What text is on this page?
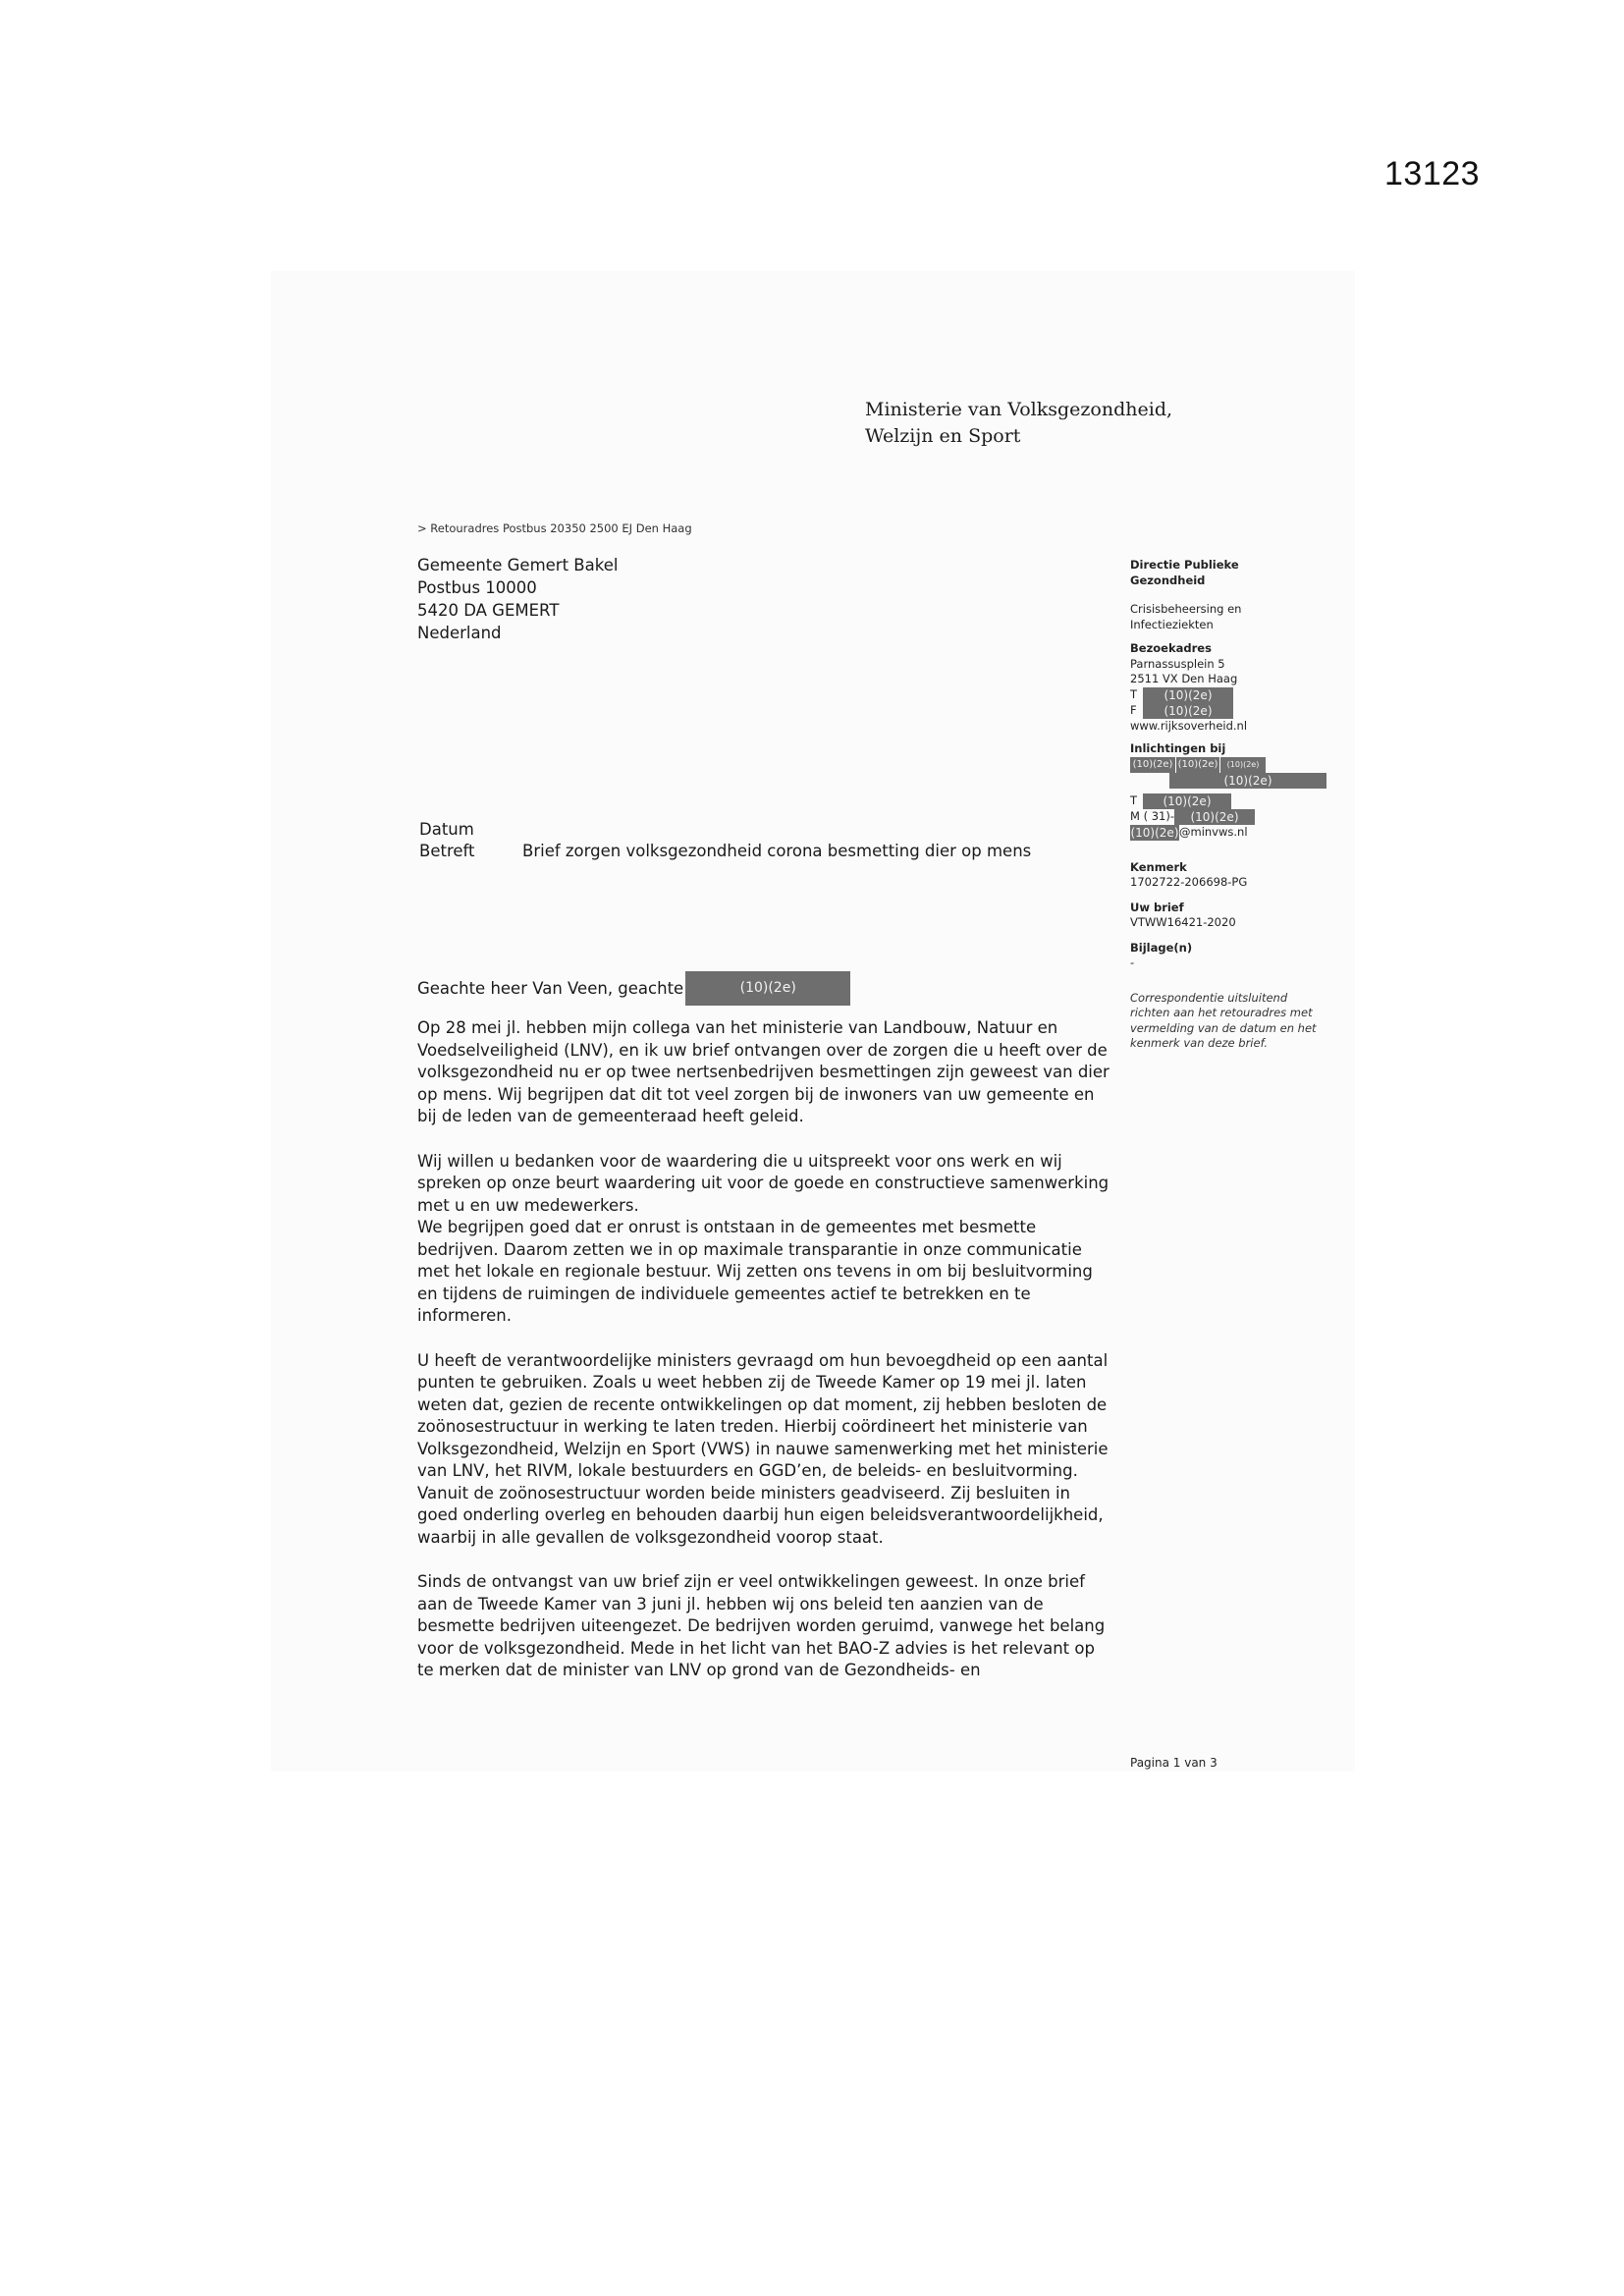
13123
Ministerie van Volksgezondheid,
Welzijn en Sport
> Retouradres Postbus 20350 2500 EJ Den Haag
Gemeente Gemert Bakel
Postbus 10000
5420 DA GEMERT
Nederland
Datum
Betreft	Brief zorgen volksgezondheid corona besmetting dier op mens
Geachte heer Van Veen, geachte	(10)(2e)

Op 28 mei jl. hebben mijn collega van het ministerie van Landbouw, Natuur en Voedselveiligheid (LNV), en ik uw brief ontvangen over de zorgen die u heeft over de volksgezondheid nu er op twee nertsenbedrijven besmettingen zijn geweest van dier op mens. Wij begrijpen dat dit tot veel zorgen bij de inwoners van uw gemeente en bij de leden van de gemeenteraad heeft geleid.

Wij willen u bedanken voor de waardering die u uitspreekt voor ons werk en wij spreken op onze beurt waardering uit voor de goede en constructieve samenwerking met u en uw medewerkers.

We begrijpen goed dat er onrust is ontstaan in de gemeentes met besmette bedrijven. Daarom zetten we in op maximale transparantie in onze communicatie met het lokale en regionale bestuur. Wij zetten ons tevens in om bij besluitvorming en tijdens de ruimingen de individuele gemeentes actief te betrekken en te informeren.

U heeft de verantwoordelijke ministers gevraagd om hun bevoegdheid op een aantal punten te gebruiken. Zoals u weet hebben zij de Tweede Kamer op 19 mei jl. laten weten dat, gezien de recente ontwikkelingen op dat moment, zij hebben besloten de zoönosestructuur in werking te laten treden. Hierbij coördineert het ministerie van Volksgezondheid, Welzijn en Sport (VWS) in nauwe samenwerking met het ministerie van LNV, het RIVM, lokale bestuurders en GGD’en, de beleids- en besluitvorming. Vanuit de zoönosestructuur worden beide ministers geadviseerd. Zij besluiten in goed onderling overleg en behouden daarbij hun eigen beleidsverantwoordelijkheid, waarbij in alle gevallen de volksgezondheid voorop staat.

Sinds de ontvangst van uw brief zijn er veel ontwikkelingen geweest. In onze brief aan de Tweede Kamer van 3 juni jl. hebben wij ons beleid ten aanzien van de besmette bedrijven uiteengezet. De bedrijven worden geruimd, vanwege het belang voor de volksgezondheid. Mede in het licht van het BAO-Z advies is het relevant op te merken dat de minister van LNV op grond van de Gezondheids- en

Directie Publieke
Gezondheid
Crisisbeheersing en
Infectieziekten
Bezoekadres
Parnassusplein 5
2511 VX Den Haag
T	(10)(2e)
F	(10)(2e)
www.rijksoverheid.nl
Inlichtingen bij
(10)(2e) (10)(2e)	(10)(2e)
(10)(2e)
T	(10)(2e)
M ( 31)-	(10)(2e)
(10)(2e) @minvws.nl
Kenmerk
1702722-206698-PG
Uw brief
VTWW16421-2020
Bijlage(n)
-
Correspondentie uitsluitend richten aan het retouradres met vermelding van de datum en het kenmerk van deze brief.
Pagina 1 van 3
